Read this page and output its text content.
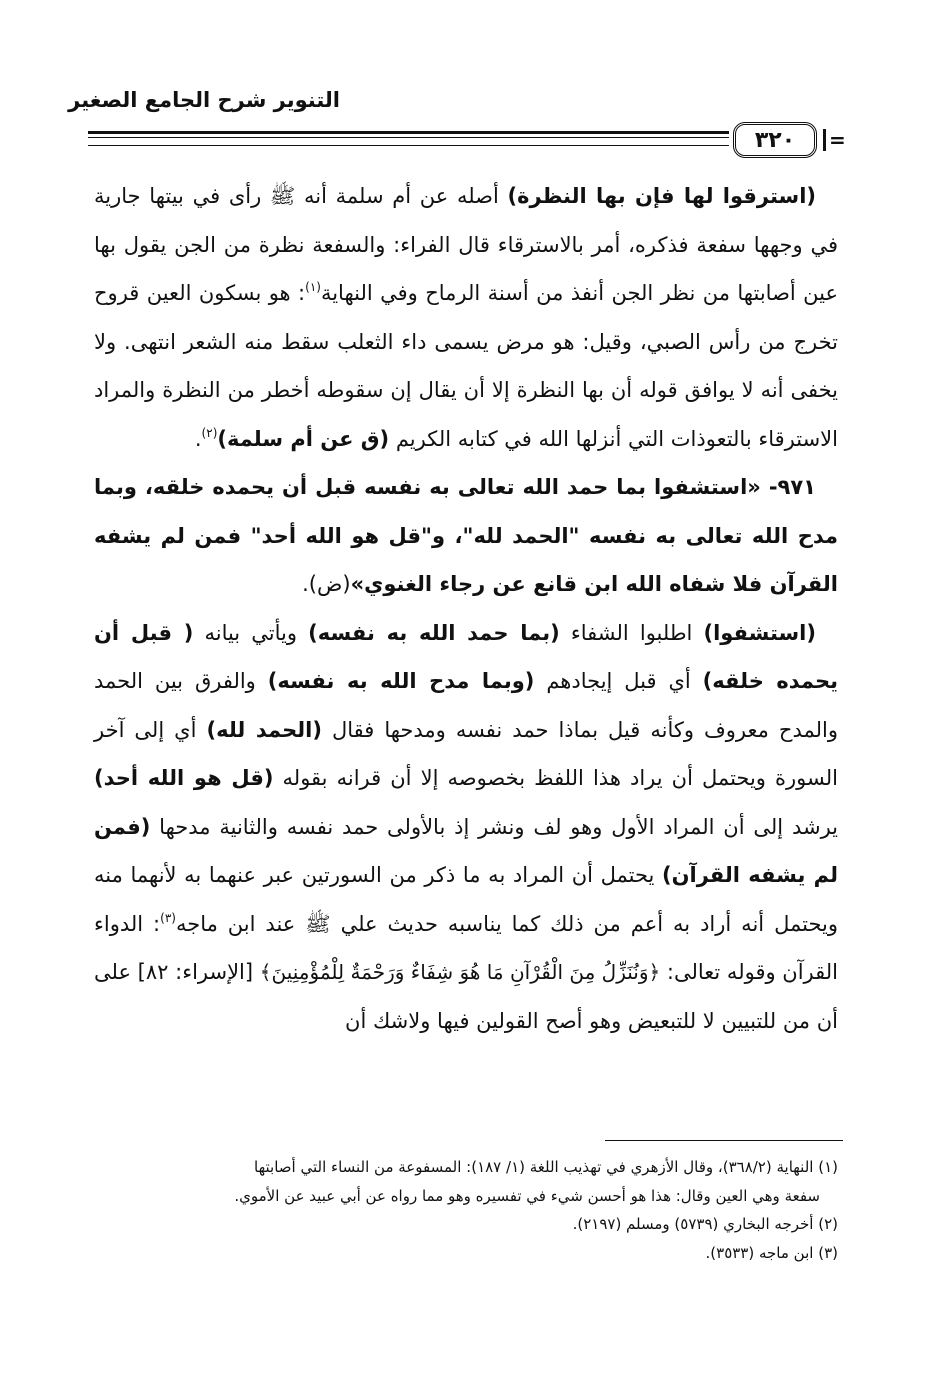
التنوير شرح الجامع الصغير
٣٢٠ =

(استرقوا لها فإن بها النظرة) أصله عن أم سلمة أنه ﷺ رأى في بيتها جارية في وجهها سفعة فذكره، أمر بالاسترقاء قال الفراء: والسفعة نظرة من الجن يقول بها عين أصابتها من نظر الجن أنفذ من أسنة الرماح وفي النهاية$^{(١)}$: هو بسكون العين قروح تخرج من رأس الصبي، وقيل: هو مرض يسمى داء الثعلب سقط منه الشعر انتهى. ولا يخفى أنه لا يوافق قوله أن بها النظرة إلا أن يقال إن سقوطه أخطر من النظرة والمراد الاسترقاء بالتعوذات التي أنزلها الله في كتابه الكريم (ق عن أم سلمة)$^{(٢)}$.

٩٧١- «استشفوا بما حمد الله تعالى به نفسه قبل أن يحمده خلقه، وبما مدح الله تعالى به نفسه "الحمد لله"، و"قل هو الله أحد" فمن لم يشفه القرآن فلا شفاه الله ابن قانع عن رجاء الغنوي»(ض).

(استشفوا) اطلبوا الشفاء (بما حمد الله به نفسه) ويأتي بيانه ( قبل أن يحمده خلقه) أي قبل إيجادهم (وبما مدح الله به نفسه) والفرق بين الحمد والمدح معروف وكأنه قيل بماذا حمد نفسه ومدحها فقال (الحمد لله) أي إلى آخر السورة ويحتمل أن يراد هذا اللفظ بخصوصه إلا أن قرانه بقوله (قل هو الله أحد) يرشد إلى أن المراد الأول وهو لف ونشر إذ بالأولى حمد نفسه والثانية مدحها (فمن لم يشفه القرآن) يحتمل أن المراد به ما ذكر من السورتين عبر عنهما به لأنهما منه ويحتمل أنه أراد به أعم من ذلك كما يناسبه حديث علي ﷺ عند ابن ماجه$^{(٣)}$: الدواء القرآن وقوله تعالى: ﴿وَنُنَزِّلُ مِنَ الْقُرْآنِ مَا هُوَ شِفَاءٌ وَرَحْمَةٌ لِلْمُؤْمِنِينَ﴾ [الإسراء: ٨٢] على أن من للتبيين لا للتبعيض وهو أصح القولين فيها ولاشك أن

(١) النهاية (٣٦٨/٢)، وقال الأزهري في تهذيب اللغة (١/ ١٨٧): المسفوعة من النساء التي أصابتها

سفعة وهي العين وقال: هذا هو أحسن شيء في تفسيره وهو مما رواه عن أبي عبيد عن الأموي.

(٢) أخرجه البخاري (٥٧٣٩) ومسلم (٢١٩٧).

(٣) ابن ماجه (٣٥٣٣).
